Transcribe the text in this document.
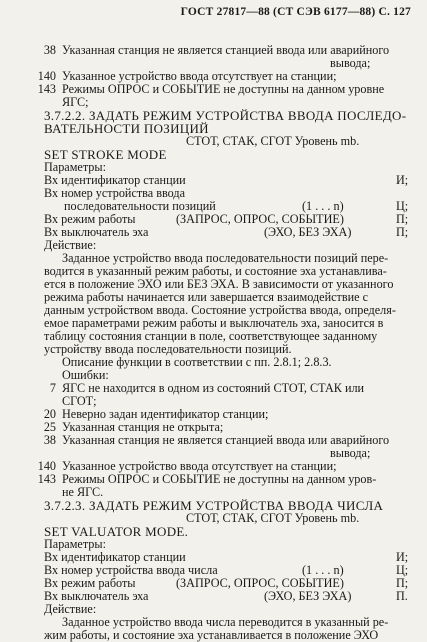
ГОСТ 27817—88 (СТ СЭВ 6177—88) С. 127
38 Указанная станция не является станцией ввода или аварийного
вывода;
140 Указанное устройство ввода отсутствует на станции;
143 Режимы ОПРОС и СОБЫТИЕ не доступны на данном уровне
ЯГС;
3.7.2.2. ЗАДАТЬ РЕЖИМ УСТРОЙСТВА ВВОДА ПОСЛЕДО-
ВАТЕЛЬНОСТИ ПОЗИЦИЙ
СТОТ, СТАК, СГОТ Уровень mb.
SET STROKE MODE
Параметры:
Вх идентификатор станции	И;
Вх номер устройства ввода
последовательности позиций	(1 . . . n)	Ц;
Вх режим работы	(ЗАПРОС, ОПРОС, СОБЫТИЕ)	П;
Вх выключатель эха	(ЭХО, БЕЗ ЭХА)	П;
Действие:
Заданное устройство ввода последовательности позиций пере-
водится в указанный режим работы, и состояние эха устанавлива-
ется в положение ЭХО или БЕЗ ЭХА. В зависимости от указанного
режима работы начинается или завершается взаимодействие с
данным устройством ввода. Состояние устройства ввода, определя-
емое параметрами режим работы и выключатель эха, заносится в
таблицу состояния станции в поле, соответствующее заданному
устройству ввода последовательности позиций.
Описание функции в соответствии с пп. 2.8.1; 2.8.3.
Ошибки:
7 ЯГС не находится в одном из состояний СТОТ, СТАК или
СГОТ;
20 Неверно задан идентификатор станции;
25 Указанная станция не открыта;
38 Указанная станция не является станцией ввода или аварийного
вывода;
140 Указанное устройство ввода отсутствует на станции;
143 Режимы ОПРОС и СОБЫТИЕ не доступны на данном уров-
не ЯГС.
3.7.2.3. ЗАДАТЬ РЕЖИМ УСТРОЙСТВА ВВОДА ЧИСЛА
СТОТ, СТАК, СГОТ Уровень mb.
SET VALUATOR MODE.
Параметры:
Вх идентификатор станции	И;
Вх номер устройства ввода числа	(1 . . . n)	Ц;
Вх режим работы	(ЗАПРОС, ОПРОС, СОБЫТИЕ)	П;
Вх выключатель эха	(ЭХО, БЕЗ ЭХА)	П.
Действие:
Заданное устройство ввода числа переводится в указанный ре-
жим работы, и состояние эха устанавливается в положение ЭХО
